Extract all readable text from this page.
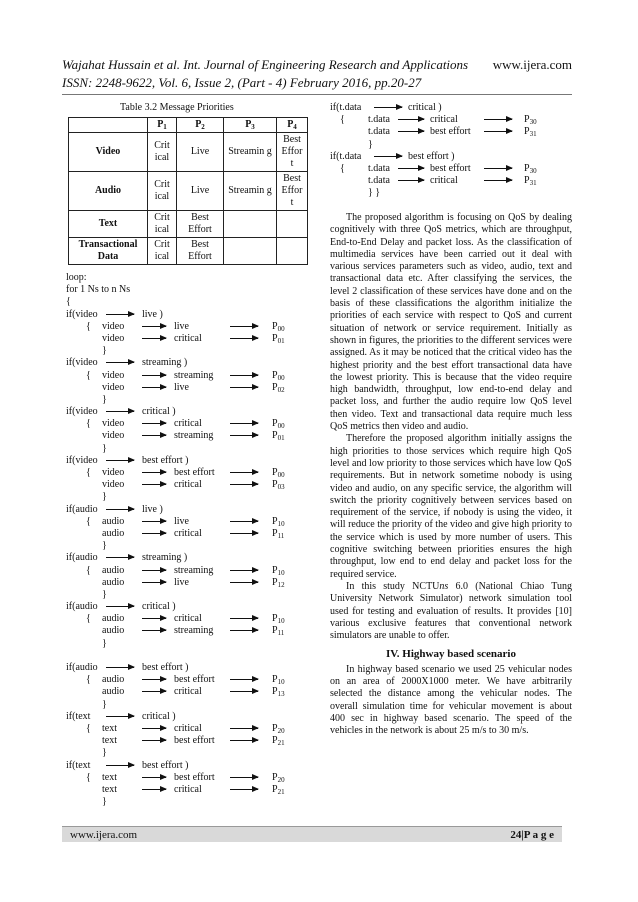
Wajahat Hussain et al. Int. Journal of Engineering Research and Applications www.ijera.com
ISSN: 2248-9622, Vol. 6, Issue 2, (Part - 4) February 2016, pp.20-27
Table 3.2 Message Priorities
	$P_1$	$P_2$	$P_3$	$P_4$
Video	Crit ical	Live	Streamin g	Best Effor t
Audio	Crit ical	Live	Streamin g	Best Effor t
Text	Crit ical	Best Effort		
Transactional Data	Crit ical	Best Effort		
loop:
for 1 Ns to n Ns
{
if(video	live )
{ video	live	$P_{00}$
video	critical	$P_{01}$
}
if(video	streaming )
{ video	streaming	$P_{00}$
video	live	$P_{02}$
}
if(video	critical )
{ video	critical	$P_{00}$
video	streaming	$P_{01}$
}
if(video	best effort )
{ video	best effort	$P_{00}$
video	critical	$P_{03}$
}
if(audio	live )
{ audio	live	$P_{10}$
audio	critical	$P_{11}$
}
if(audio	streaming )
{ audio	streaming	$P_{10}$
audio	live	$P_{12}$
}
if(audio	critical )
{ audio	critical	$P_{10}$
audio	streaming	$P_{11}$
}
if(audio	best effort )
{ audio	best effort	$P_{10}$
audio	critical	$P_{13}$
}
if(text	critical )
{ text	critical	$P_{20}$
text	best effort	$P_{21}$
}
if(text	best effort )
{ text	best effort	$P_{20}$
text	critical	$P_{21}$
}
if(t.data	critical )
{ t.data	critical	$P_{30}$
t.data	best effort	$P_{31}$
}
if(t.data	best effort )
{ t.data	best effort	$P_{30}$
t.data	critical	$P_{31}$
} }

The proposed algorithm is focusing on QoS by dealing cognitively with three QoS metrics, which are throughput, End-to-End Delay and packet loss. As the classification of multimedia services have been carried out it deal with various services parameters such as video, audio, text and transactional data etc. After classifying the services, the level 2 classification of these services have done and on the basis of these classifications the algorithm initialize the priorities of each service with respect to QoS and current situation of network or service requirement. Initially as shown in figures, the priorities to the different services were assigned. As it may be noticed that the critical video has the highest priority and the best effort transactional data have the lowest priority. This is because that the video require high bandwidth, throughput, low end-to-end delay and packet loss, and further the audio require low QoS level then video. Text and transactional data require much less QoS metrics then video and audio.

Therefore the proposed algorithm initially assigns the high priorities to those services which require high QoS level and low priority to those services which have low QoS requirements. But in network sometime nobody is using video and audio, on any specific service, the algorithm will switch the priority cognitively between services based on requirement of the service, if nobody is using the video, it will reduce the priority of the video and give high priority to the service which is used by more number of users. This cognitive switching between priorities ensures the high throughput, low end to end delay and packet loss for the required service.

In this study NCTUns 6.0 (National Chiao Tung University Network Simulator) network simulation tool used for testing and evaluation of results. It provides [10] various exclusive features that conventional network simulators are unable to offer.

IV. Highway based scenario

In highway based scenario we used 25 vehicular nodes on an area of 2000X1000 meter. We have arbitrarily selected the distance among the vehicular nodes. The overall simulation time for vehicular movement is about 400 sec in highway based scenario. The speed of the vehicles in the network is about 25 m/s to 30 m/s.

www.ijera.com	24|P a g e
